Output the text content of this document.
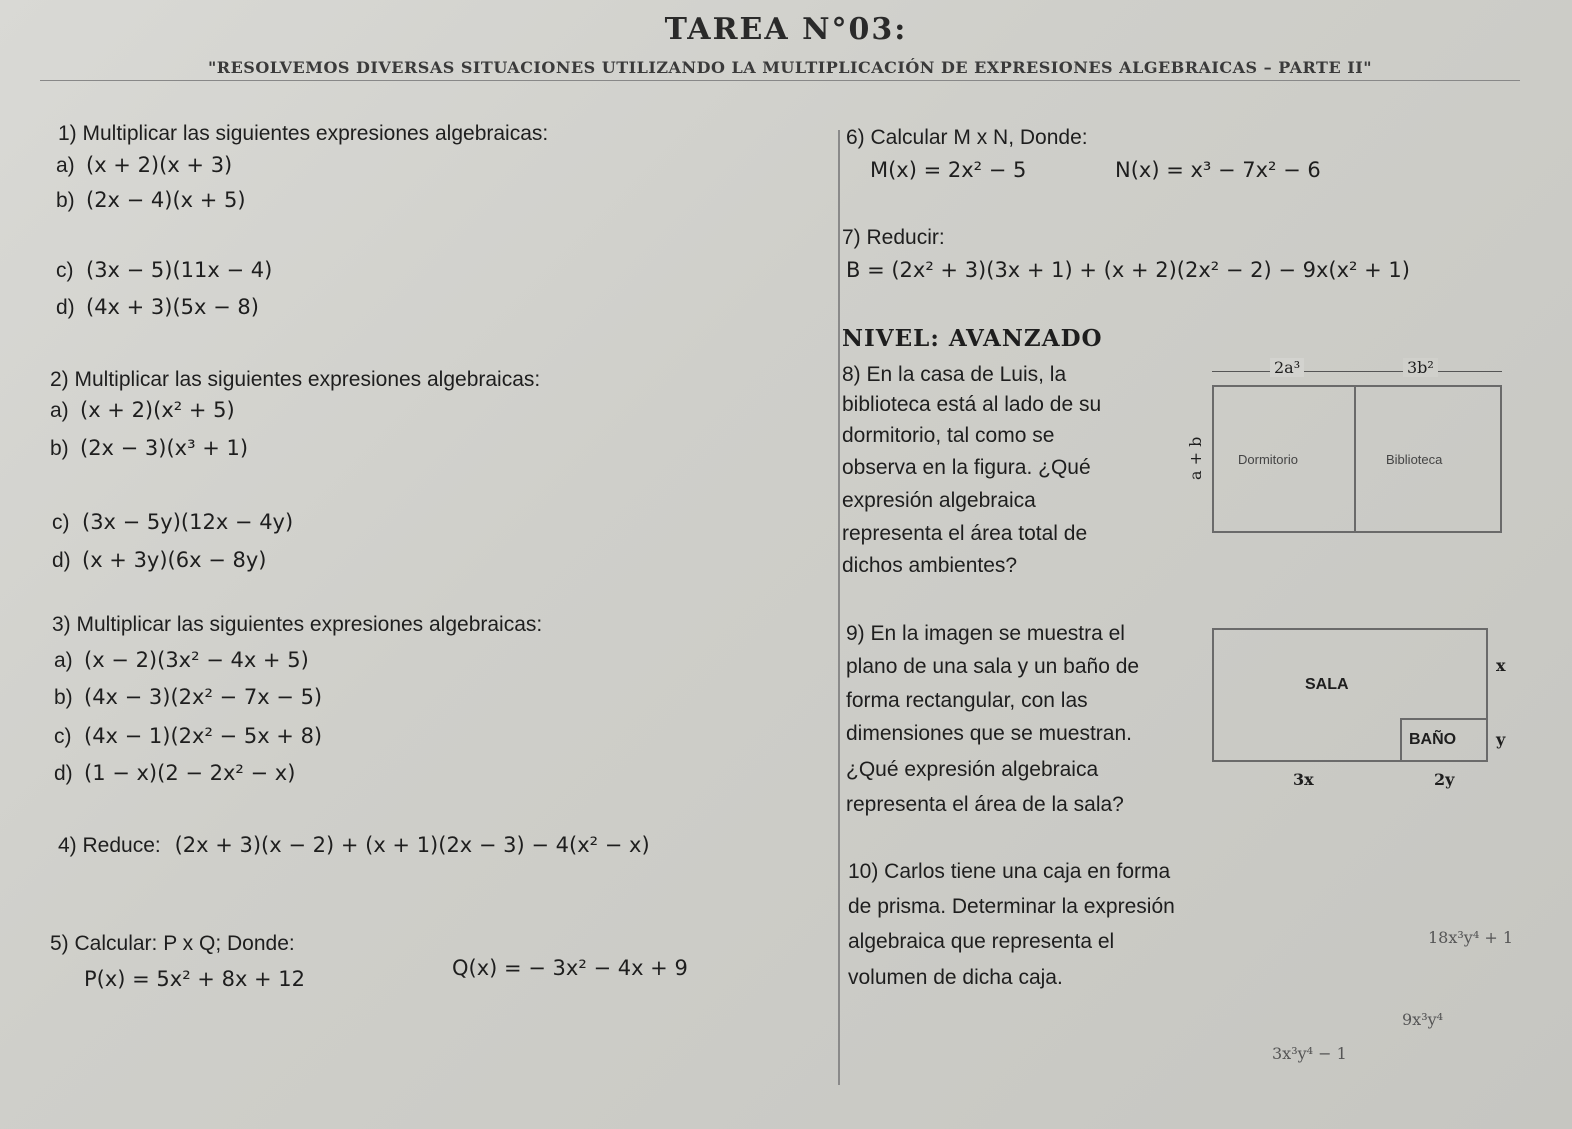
TAREA N°03:
"RESOLVEMOS DIVERSAS SITUACIONES UTILIZANDO LA MULTIPLICACIÓN DE EXPRESIONES ALGEBRAICAS – PARTE II"
1) Multiplicar las siguientes expresiones algebraicas:
a) (x + 2)(x + 3)
b) (2x − 4)(x + 5)
c) (3x − 5)(11x − 4)
d) (4x + 3)(5x − 8)
2) Multiplicar las siguientes expresiones algebraicas:
a) (x + 2)(x² + 5)
b) (2x − 3)(x³ + 1)
c) (3x − 5y)(12x − 4y)
d) (x + 3y)(6x − 8y)
3) Multiplicar las siguientes expresiones algebraicas:
a) (x − 2)(3x² − 4x + 5)
b) (4x − 3)(2x² − 7x − 5)
c) (4x − 1)(2x² − 5x + 8)
d) (1 − x)(2 − 2x² − x)
4) Reduce: (2x + 3)(x − 2) + (x + 1)(2x − 3) − 4(x² − x)
5) Calcular: P x Q; Donde:
P(x) = 5x² + 8x + 12	Q(x) = − 3x² − 4x + 9
6) Calcular M x N, Donde:
M(x) = 2x² − 5	N(x) = x³ − 7x² − 6
7) Reducir:
B = (2x² + 3)(3x + 1) + (x + 2)(2x² − 2) − 9x(x² + 1)
NIVEL: AVANZADO
8) En la casa de Luis, la
biblioteca está al lado de su
dormitorio, tal como se
observa en la figura. ¿Qué
expresión algebraica
representa el área total de
dichos ambientes?
2a³	3b²
a + b	Dormitorio	Biblioteca
9) En la imagen se muestra el
plano de una sala y un baño de
forma rectangular, con las
dimensiones que se muestran.
¿Qué expresión algebraica
representa el área de la sala?
SALA
BAÑO
x
y
3x	2y
10) Carlos tiene una caja en forma
de prisma. Determinar la expresión
algebraica que representa el
volumen de dicha caja.
18x³y⁴ + 1
9x³y⁴
3x³y⁴ − 1
